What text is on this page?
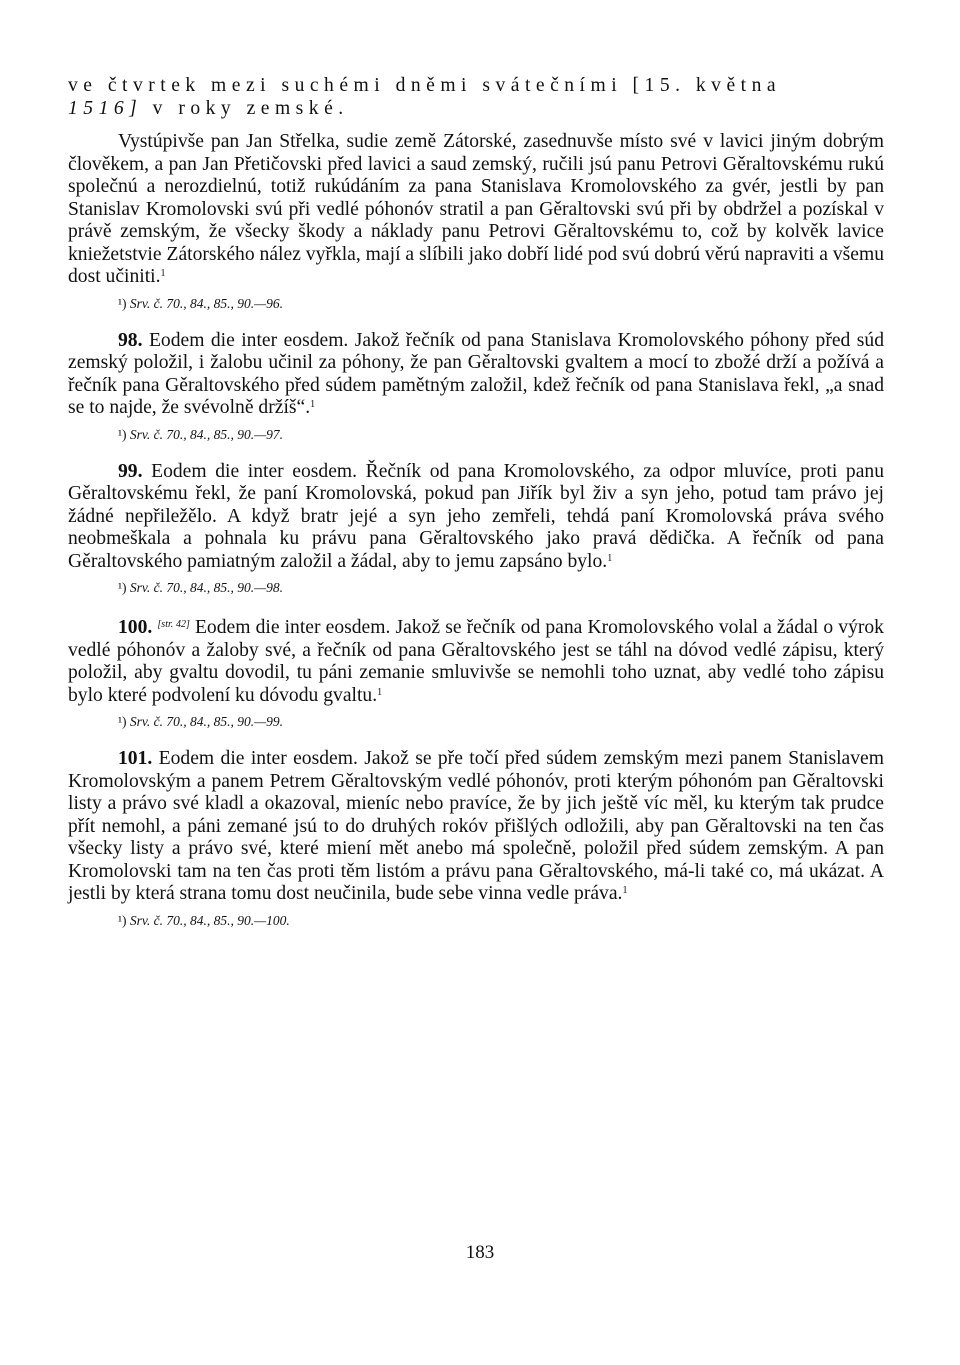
ve čtvrtek mezi suchémi dněmi svátečními [15. května
1516] v roky zemské.

Vystúpivše pan Jan Střelka, sudie země Zátorské, zasednuvše místo své v lavici jiným dobrým člověkem, a pan Jan Přetičovski před lavici a saud zemský, ručili jsú panu Petrovi Gěraltovskému rukú společnú a nerozdielnú, totiž rukúdáním za pana Stanislava Kromolovského za gvér, jestli by pan Stanislav Kromolovski svú při vedlé póhonóv stratil a pan Gěraltovski svú při by obdržel a pozískal v právě zemským, že všecky škody a náklady panu Petrovi Gěraltovskému to, což by kolvěk lavice kniežetstvie Zátorského nález vyřkla, mají a slíbili jako dobří lidé pod svú dobrú věrú napraviti a všemu dost učiniti.$^1$

¹) Srv. č. 70., 84., 85., 90.—96.

98. Eodem die inter eosdem. Jakož řečník od pana Stanislava Kromolovského póhony před súd zemský položil, i žalobu učinil za póhony, že pan Gěraltovski gvaltem a mocí to zbožé drží a požívá a řečník pana Gěraltovského před súdem pamětným založil, kdež řečník od pana Stanislava řekl, „a snad se to najde, že svévolně držíš“.$^1$

¹) Srv. č. 70., 84., 85., 90.—97.

99. Eodem die inter eosdem. Řečník od pana Kromolovského, za odpor mluvíce, proti panu Gěraltovskému řekl, že paní Kromolovská, pokud pan Jiřík byl živ a syn jeho, potud tam právo jej žádné nepřiležělo. A když bratr jejé a syn jeho zemřeli, tehdá paní Kromolovská práva svého neobmeškala a pohnala ku právu pana Gěraltovského jako pravá dědička. A řečník od pana Gěraltovského pamiatným založil a žádal, aby to jemu zapsáno bylo.$^1$

¹) Srv. č. 70., 84., 85., 90.—98.

100. [str. 42] Eodem die inter eosdem. Jakož se řečník od pana Kromolovského volal a žádal o výrok vedlé póhonóv a žaloby své, a řečník od pana Gěraltovského jest se táhl na dóvod vedlé zápisu, který položil, aby gvaltu dovodil, tu páni zemanie smluvivše se nemohli toho uznat, aby vedlé toho zápisu bylo které podvolení ku dóvodu gvaltu.$^1$

¹) Srv. č. 70., 84., 85., 90.—99.

101. Eodem die inter eosdem. Jakož se pře točí před súdem zemským mezi panem Stanislavem Kromolovským a panem Petrem Gěraltovským vedlé póhonóv, proti kterým póhonóm pan Gěraltovski listy a právo své kladl a okazoval, mieníc nebo pravíce, že by jich ještě víc měl, ku kterým tak prudce přít nemohl, a páni zemané jsú to do druhých rokóv přišlých odložili, aby pan Gěraltovski na ten čas všecky listy a právo své, které miení mět anebo má společně, položil před súdem zemským. A pan Kromolovski tam na ten čas proti těm listóm a právu pana Gěraltovského, má-li také co, má ukázat. A jestli by která strana tomu dost neučinila, bude sebe vinna vedle práva.$^1$

¹) Srv. č. 70., 84., 85., 90.—100.

183
